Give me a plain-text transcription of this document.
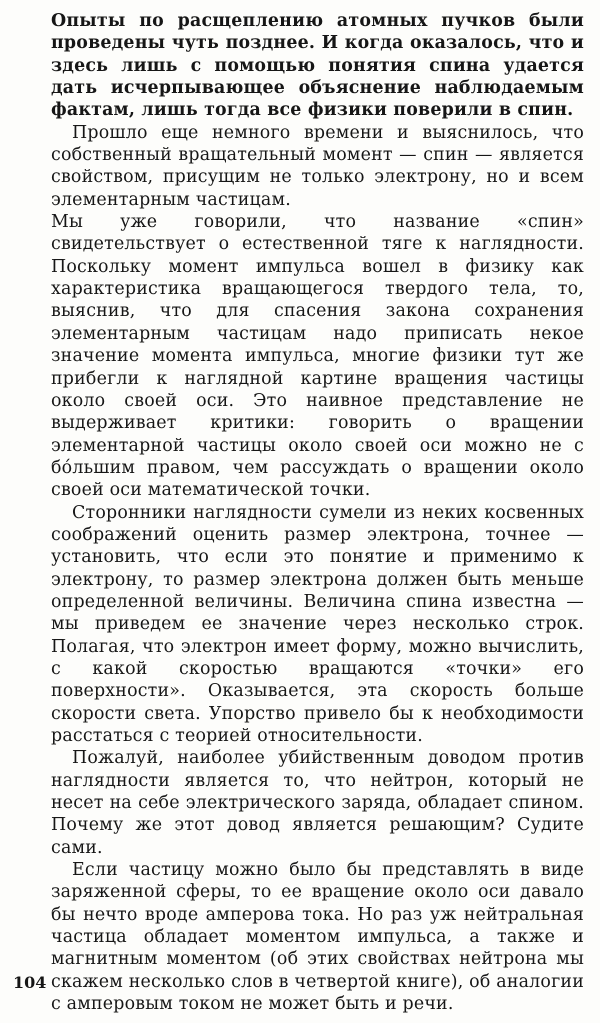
Опыты по расщеплению атомных пучков были проведены чуть позднее. И когда оказалось, что и здесь лишь с помощью понятия спина удается дать исчерпывающее объяснение наблюдаемым фактам, лишь тогда все физики поверили в спин.

Прошло еще немного времени и выяснилось, что собственный вращательный момент — спин — является свойством, присущим не только электрону, но и всем элементарным частицам.

Мы уже говорили, что название «спин» свидетельствует о естественной тяге к наглядности. Поскольку момент импульса вошел в физику как характеристика вращающегося твердого тела, то, выяснив, что для спасения закона сохранения элементарным частицам надо приписать некое значение момента импульса, многие физики тут же прибегли к наглядной картине вращения частицы около своей оси. Это наивное представление не выдерживает критики: говорить о вращении элементарной частицы около своей оси можно не с бо́льшим правом, чем рассуждать о вращении около своей оси математической точки.

Сторонники наглядности сумели из неких косвенных соображений оценить размер электрона, точнее — установить, что если это понятие и применимо к электрону, то размер электрона должен быть меньше определенной величины. Величина спина известна — мы приведем ее значение через несколько строк. Полагая, что электрон имеет форму, можно вычислить, с какой скоростью вращаются «точки» его поверхности». Оказывается, эта скорость больше скорости света. Упорство привело бы к необходимости расстаться с теорией относительности.

Пожалуй, наиболее убийственным доводом против наглядности является то, что нейтрон, который не несет на себе электрического заряда, обладает спином. Почему же этот довод является решающим? Судите сами.

Если частицу можно было бы представлять в виде заряженной сферы, то ее вращение около оси давало бы нечто вроде амперова тока. Но раз уж нейтральная частица обладает моментом импульса, а также и магнитным моментом (об этих свойствах нейтрона мы скажем несколько слов в четвертой книге), об аналогии с амперовым током не может быть и речи.

104
